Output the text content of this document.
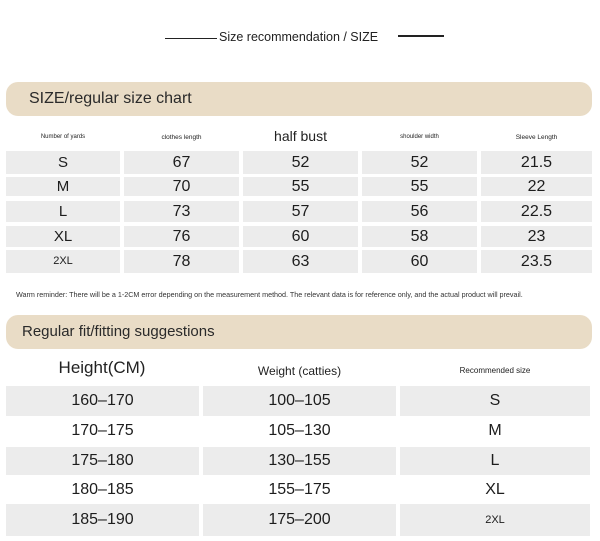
Size recommendation / SIZE
SIZE/regular size chart
Number of yards	clothes length	half bust	shoulder width	Sleeve Length
S	67	52	52	21.5
M	70	55	55	22
L	73	57	56	22.5
XL	76	60	58	23
2XL	78	63	60	23.5
Warm reminder: There will be a 1-2CM error depending on the measurement method. The relevant data is for reference only, and the actual product will prevail.
Regular fit/fitting suggestions
Height(CM)	Weight (catties)	Recommended size
160–170	100–105	S
170–175	105–130	M
175–180	130–155	L
180–185	155–175	XL
185–190	175–200	2XL
